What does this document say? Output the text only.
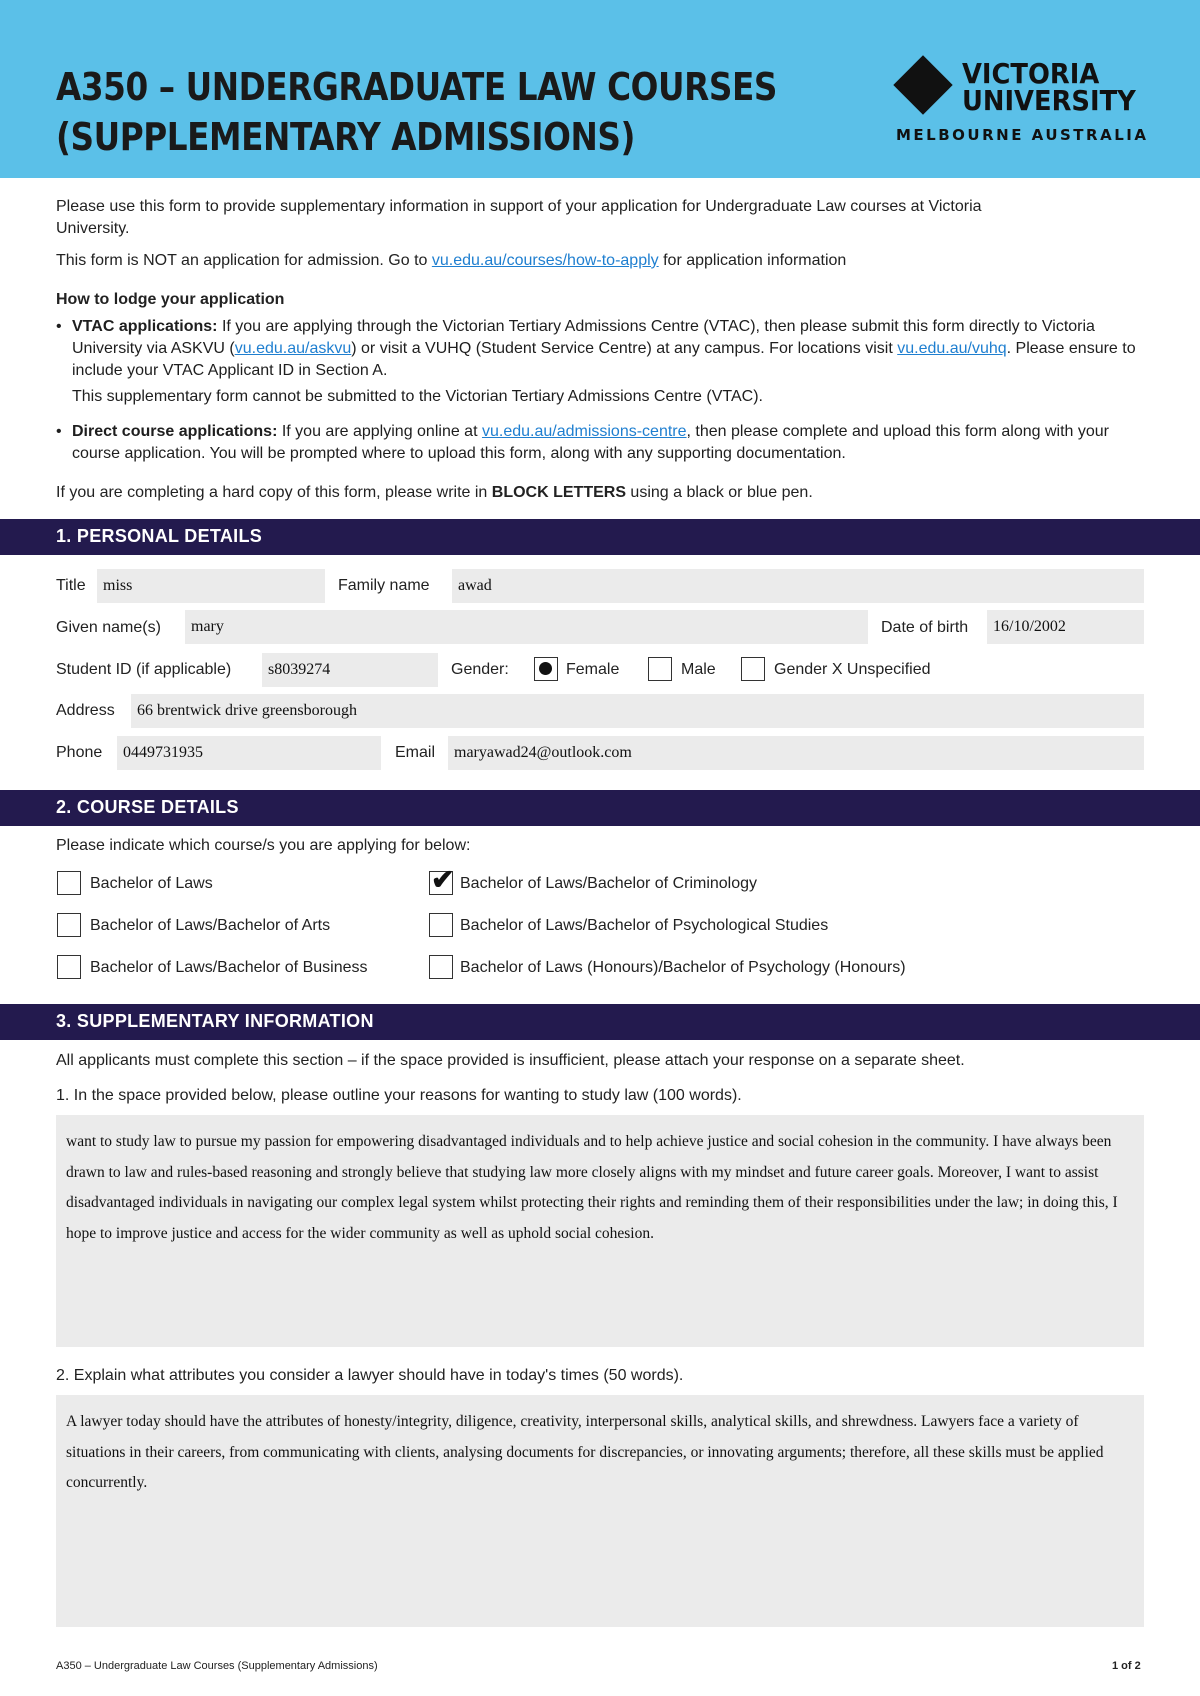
A350 – UNDERGRADUATE LAW COURSES
(SUPPLEMENTARY ADMISSIONS)
VICTORIA
UNIVERSITY
MELBOURNE AUSTRALIA

Please use this form to provide supplementary information in support of your application for Undergraduate Law courses at Victoria University.

This form is NOT an application for admission. Go to vu.edu.au/courses/how-to-apply for application information
How to lodge your application
• VTAC applications: If you are applying through the Victorian Tertiary Admissions Centre (VTAC), then please submit this form directly to Victoria University via ASKVU (vu.edu.au/askvu) or visit a VUHQ (Student Service Centre) at any campus. For locations visit vu.edu.au/vuhq. Please ensure to include your VTAC Applicant ID in Section A.
This supplementary form cannot be submitted to the Victorian Tertiary Admissions Centre (VTAC).
• Direct course applications: If you are applying online at vu.edu.au/admissions-centre, then please complete and upload this form along with your course application. You will be prompted where to upload this form, along with any supporting documentation.
If you are completing a hard copy of this form, please write in BLOCK LETTERS using a black or blue pen.
1. PERSONAL DETAILS
Title	miss	Family name	awad
Given name(s)	mary	Date of birth	16/10/2002
Student ID (if applicable)	s8039274	Gender:	Female	Male	Gender X Unspecified
Address	66 brentwick drive greensborough
Phone	0449731935	Email	maryawad24@outlook.com
2. COURSE DETAILS
Please indicate which course/s you are applying for below:
Bachelor of Laws	✔ Bachelor of Laws/Bachelor of Criminology
Bachelor of Laws/Bachelor of Arts	Bachelor of Laws/Bachelor of Psychological Studies
Bachelor of Laws/Bachelor of Business	Bachelor of Laws (Honours)/Bachelor of Psychology (Honours)
3. SUPPLEMENTARY INFORMATION
All applicants must complete this section – if the space provided is insufficient, please attach your response on a separate sheet.
1. In the space provided below, please outline your reasons for wanting to study law (100 words).
want to study law to pursue my passion for empowering disadvantaged individuals and to help achieve justice and social cohesion in the community. I have always been drawn to law and rules-based reasoning and strongly believe that studying law more closely aligns with my mindset and future career goals. Moreover, I want to assist disadvantaged individuals in navigating our complex legal system whilst protecting their rights and reminding them of their responsibilities under the law; in doing this, I hope to improve justice and access for the wider community as well as uphold social cohesion.
2. Explain what attributes you consider a lawyer should have in today's times (50 words).
A lawyer today should have the attributes of honesty/integrity, diligence, creativity, interpersonal skills, analytical skills, and shrewdness. Lawyers face a variety of situations in their careers, from communicating with clients, analysing documents for discrepancies, or innovating arguments; therefore, all these skills must be applied concurrently.
A350 – Undergraduate Law Courses (Supplementary Admissions)	1 of 2
